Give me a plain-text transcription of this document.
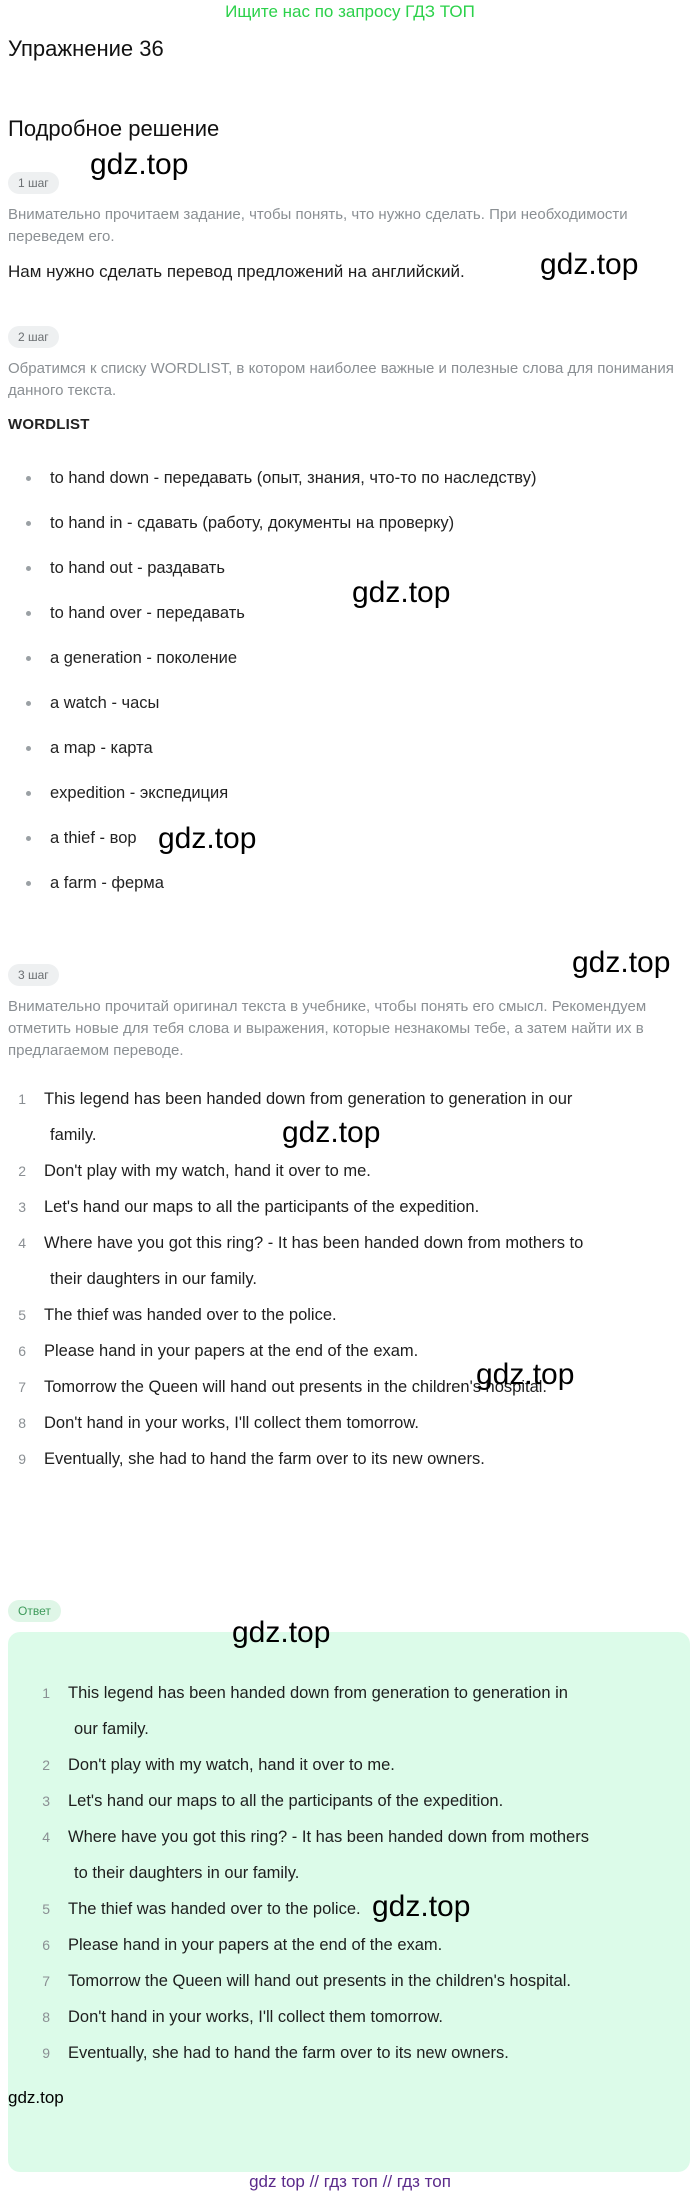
Ищите нас по запросу ГДЗ ТОП
Упражнение 36
Подробное решение
1 шаг
Внимательно прочитаем задание, чтобы понять, что нужно сделать. При необходимости переведем его.
Нам нужно сделать перевод предложений на английский.
2 шаг
Обратимся к списку WORDLIST, в котором наиболее важные и полезные слова для понимания данного текста.
WORDLIST
to hand down - передавать (опыт, знания, что-то по наследству)
to hand in - сдавать (работу, документы на проверку)
to hand out - раздавать
to hand over - передавать
a generation - поколение
a watch - часы
a map - карта
expedition - экспедиция
a thief - вор
a farm - ферма
3 шаг
Внимательно прочитай оригинал текста в учебнике, чтобы понять его смысл. Рекомендуем отметить новые для тебя слова и выражения, которые незнакомы тебе, а затем найти их в предлагаемом переводе.
1	This legend has been handed down from generation to generation in our
family.
2	Don't play with my watch, hand it over to me.
3	Let's hand our maps to all the participants of the expedition.
4	Where have you got this ring? - It has been handed down from mothers to
their daughters in our family.
5	The thief was handed over to the police.
6	Please hand in your papers at the end of the exam.
7	Tomorrow the Queen will hand out presents in the children's hospital.
8	Don't hand in your works, I'll collect them tomorrow.
9	Eventually, she had to hand the farm over to its new owners.
Ответ
1	This legend has been handed down from generation to generation in
our family.
2	Don't play with my watch, hand it over to me.
3	Let's hand our maps to all the participants of the expedition.
4	Where have you got this ring? - It has been handed down from mothers
to their daughters in our family.
5	The thief was handed over to the police.
6	Please hand in your papers at the end of the exam.
7	Tomorrow the Queen will hand out presents in the children's hospital.
8	Don't hand in your works, I'll collect them tomorrow.
9	Eventually, she had to hand the farm over to its new owners.
gdz.top
gdz.top
gdz.top
gdz.top
gdz.top
gdz.top
gdz.top
gdz.top
gdz.top
gdz.top
gdz top // гдз топ // гдз топ
